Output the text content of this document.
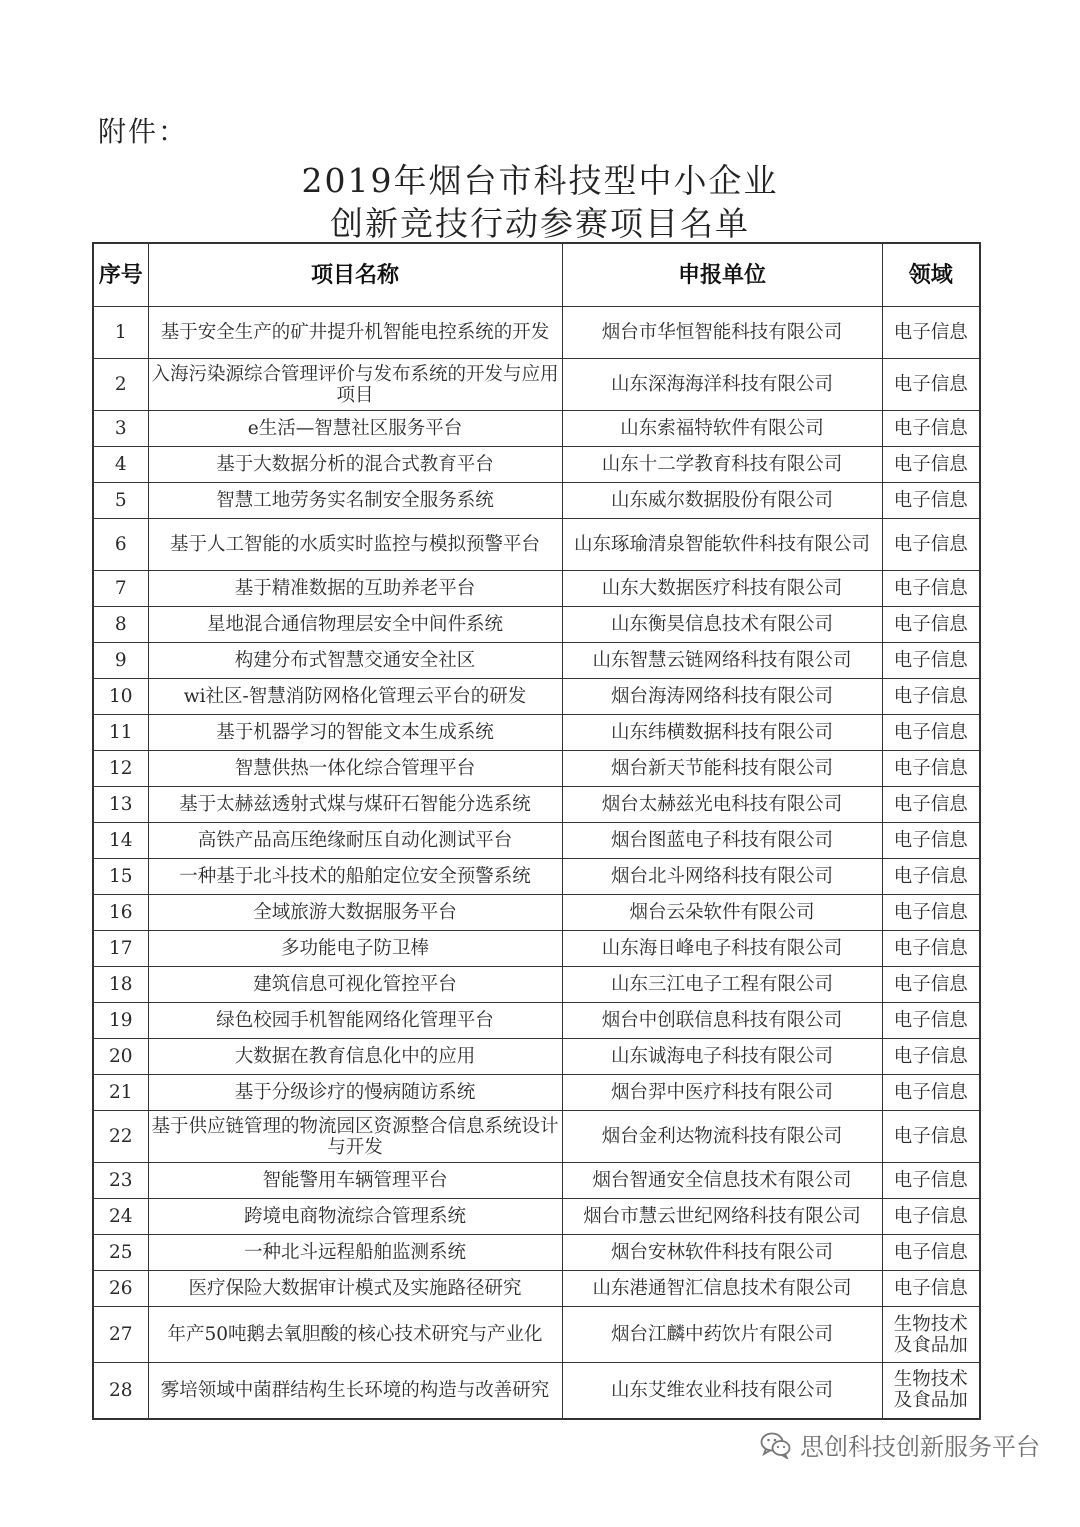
附件：
2019年烟台市科技型中小企业
创新竞技行动参赛项目名单
序号	项目名称	申报单位	领域
1	基于安全生产的矿井提升机智能电控系统的开发	烟台市华恒智能科技有限公司	电子信息
2	入海污染源综合管理评价与发布系统的开发与应用项目	山东深海海洋科技有限公司	电子信息
3	e生活—智慧社区服务平台	山东索福特软件有限公司	电子信息
4	基于大数据分析的混合式教育平台	山东十二学教育科技有限公司	电子信息
5	智慧工地劳务实名制安全服务系统	山东威尔数据股份有限公司	电子信息
6	基于人工智能的水质实时监控与模拟预警平台	山东琢瑜清泉智能软件科技有限公司	电子信息
7	基于精准数据的互助养老平台	山东大数据医疗科技有限公司	电子信息
8	星地混合通信物理层安全中间件系统	山东衡昊信息技术有限公司	电子信息
9	构建分布式智慧交通安全社区	山东智慧云链网络科技有限公司	电子信息
10	wi社区-智慧消防网格化管理云平台的研发	烟台海涛网络科技有限公司	电子信息
11	基于机器学习的智能文本生成系统	山东纬横数据科技有限公司	电子信息
12	智慧供热一体化综合管理平台	烟台新天节能科技有限公司	电子信息
13	基于太赫兹透射式煤与煤矸石智能分选系统	烟台太赫兹光电科技有限公司	电子信息
14	高铁产品高压绝缘耐压自动化测试平台	烟台图蓝电子科技有限公司	电子信息
15	一种基于北斗技术的船舶定位安全预警系统	烟台北斗网络科技有限公司	电子信息
16	全域旅游大数据服务平台	烟台云朵软件有限公司	电子信息
17	多功能电子防卫棒	山东海日峰电子科技有限公司	电子信息
18	建筑信息可视化管控平台	山东三江电子工程有限公司	电子信息
19	绿色校园手机智能网络化管理平台	烟台中创联信息科技有限公司	电子信息
20	大数据在教育信息化中的应用	山东诚海电子科技有限公司	电子信息
21	基于分级诊疗的慢病随访系统	烟台羿中医疗科技有限公司	电子信息
22	基于供应链管理的物流园区资源整合信息系统设计与开发	烟台金利达物流科技有限公司	电子信息
23	智能警用车辆管理平台	烟台智通安全信息技术有限公司	电子信息
24	跨境电商物流综合管理系统	烟台市慧云世纪网络科技有限公司	电子信息
25	一种北斗远程船舶监测系统	烟台安林软件科技有限公司	电子信息
26	医疗保险大数据审计模式及实施路径研究	山东港通智汇信息技术有限公司	电子信息
27	年产50吨鹅去氧胆酸的核心技术研究与产业化	烟台江麟中药饮片有限公司	生物技术及食品加
28	雾培领域中菌群结构生长环境的构造与改善研究	山东艾维农业科技有限公司	生物技术及食品加
思创科技创新服务平台
